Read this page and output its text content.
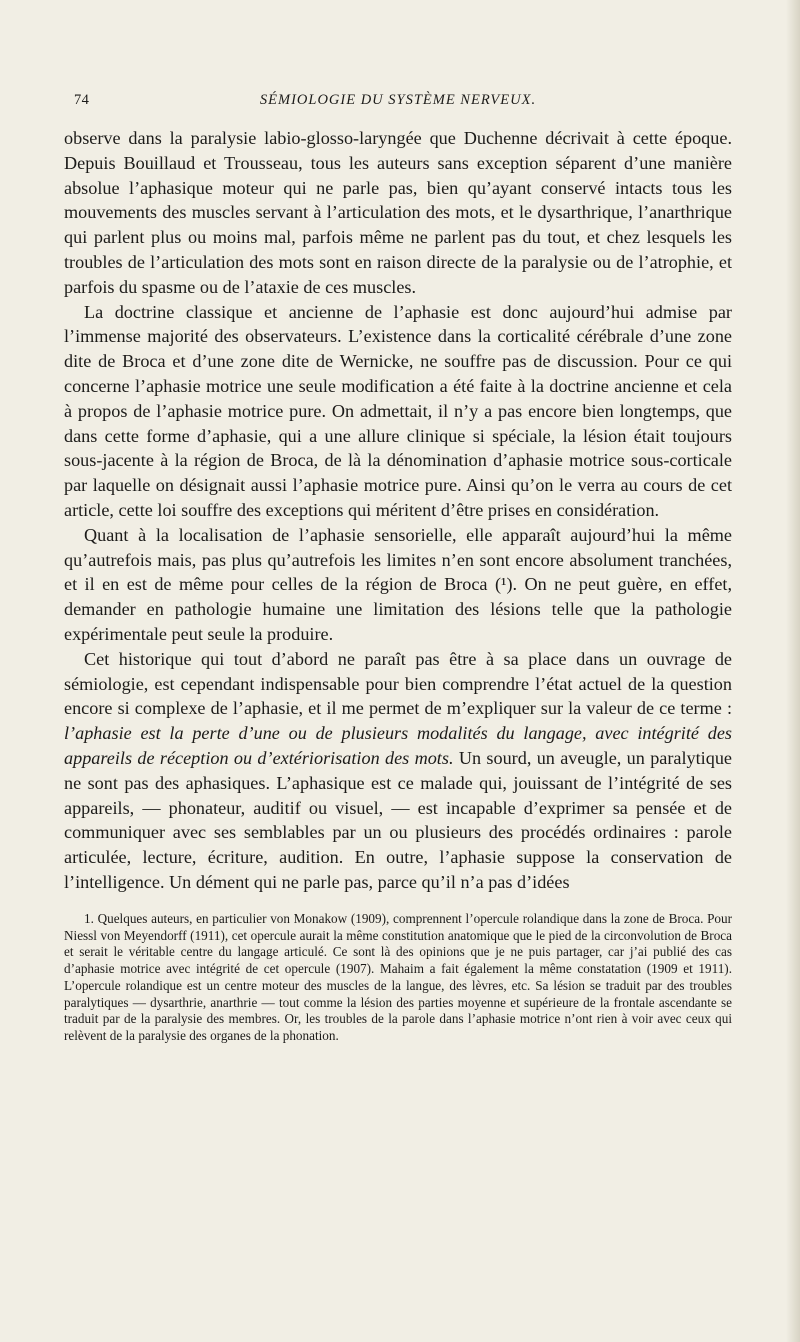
74	SÉMIOLOGIE DU SYSTÈME NERVEUX.

observe dans la paralysie labio-glosso-laryngée que Duchenne décrivait à cette époque. Depuis Bouillaud et Trousseau, tous les auteurs sans exception séparent d’une manière absolue l’aphasique moteur qui ne parle pas, bien qu’ayant conservé intacts tous les mouvements des muscles servant à l’articulation des mots, et le dysarthrique, l’anarthrique qui parlent plus ou moins mal, parfois même ne parlent pas du tout, et chez lesquels les troubles de l’articulation des mots sont en raison directe de la paralysie ou de l’atrophie, et parfois du spasme ou de l’ataxie de ces muscles.

La doctrine classique et ancienne de l’aphasie est donc aujourd’hui admise par l’immense majorité des observateurs. L’existence dans la corticalité cérébrale d’une zone dite de Broca et d’une zone dite de Wernicke, ne souffre pas de discussion. Pour ce qui concerne l’aphasie motrice une seule modification a été faite à la doctrine ancienne et cela à propos de l’aphasie motrice pure. On admettait, il n’y a pas encore bien longtemps, que dans cette forme d’aphasie, qui a une allure clinique si spéciale, la lésion était toujours sous-jacente à la région de Broca, de là la dénomination d’aphasie motrice sous-corticale par laquelle on désignait aussi l’aphasie motrice pure. Ainsi qu’on le verra au cours de cet article, cette loi souffre des exceptions qui méritent d’être prises en considération.

Quant à la localisation de l’aphasie sensorielle, elle apparaît aujourd’hui la même qu’autrefois mais, pas plus qu’autrefois les limites n’en sont encore absolument tranchées, et il en est de même pour celles de la région de Broca (¹). On ne peut guère, en effet, demander en pathologie humaine une limitation des lésions telle que la pathologie expérimentale peut seule la produire.

Cet historique qui tout d’abord ne paraît pas être à sa place dans un ouvrage de sémiologie, est cependant indispensable pour bien comprendre l’état actuel de la question encore si complexe de l’aphasie, et il me permet de m’expliquer sur la valeur de ce terme : l’aphasie est la perte d’une ou de plusieurs modalités du langage, avec intégrité des appareils de réception ou d’extériorisation des mots. Un sourd, un aveugle, un paralytique ne sont pas des aphasiques. L’aphasique est ce malade qui, jouissant de l’intégrité de ses appareils, — phonateur, auditif ou visuel, — est incapable d’exprimer sa pensée et de communiquer avec ses semblables par un ou plusieurs des procédés ordinaires : parole articulée, lecture, écriture, audition. En outre, l’aphasie suppose la conservation de l’intelligence. Un dément qui ne parle pas, parce qu’il n’a pas d’idées

1. Quelques auteurs, en particulier von Monakow (1909), comprennent l’opercule rolandique dans la zone de Broca. Pour Niessl von Meyendorff (1911), cet opercule aurait la même constitution anatomique que le pied de la circonvolution de Broca et serait le véritable centre du langage articulé. Ce sont là des opinions que je ne puis partager, car j’ai publié des cas d’aphasie motrice avec intégrité de cet opercule (1907). Mahaim a fait également la même constatation (1909 et 1911). L’opercule rolandique est un centre moteur des muscles de la langue, des lèvres, etc. Sa lésion se traduit par des troubles paralytiques — dysarthrie, anarthrie — tout comme la lésion des parties moyenne et supérieure de la frontale ascendante se traduit par de la paralysie des membres. Or, les troubles de la parole dans l’aphasie motrice n’ont rien à voir avec ceux qui relèvent de la paralysie des organes de la phonation.
